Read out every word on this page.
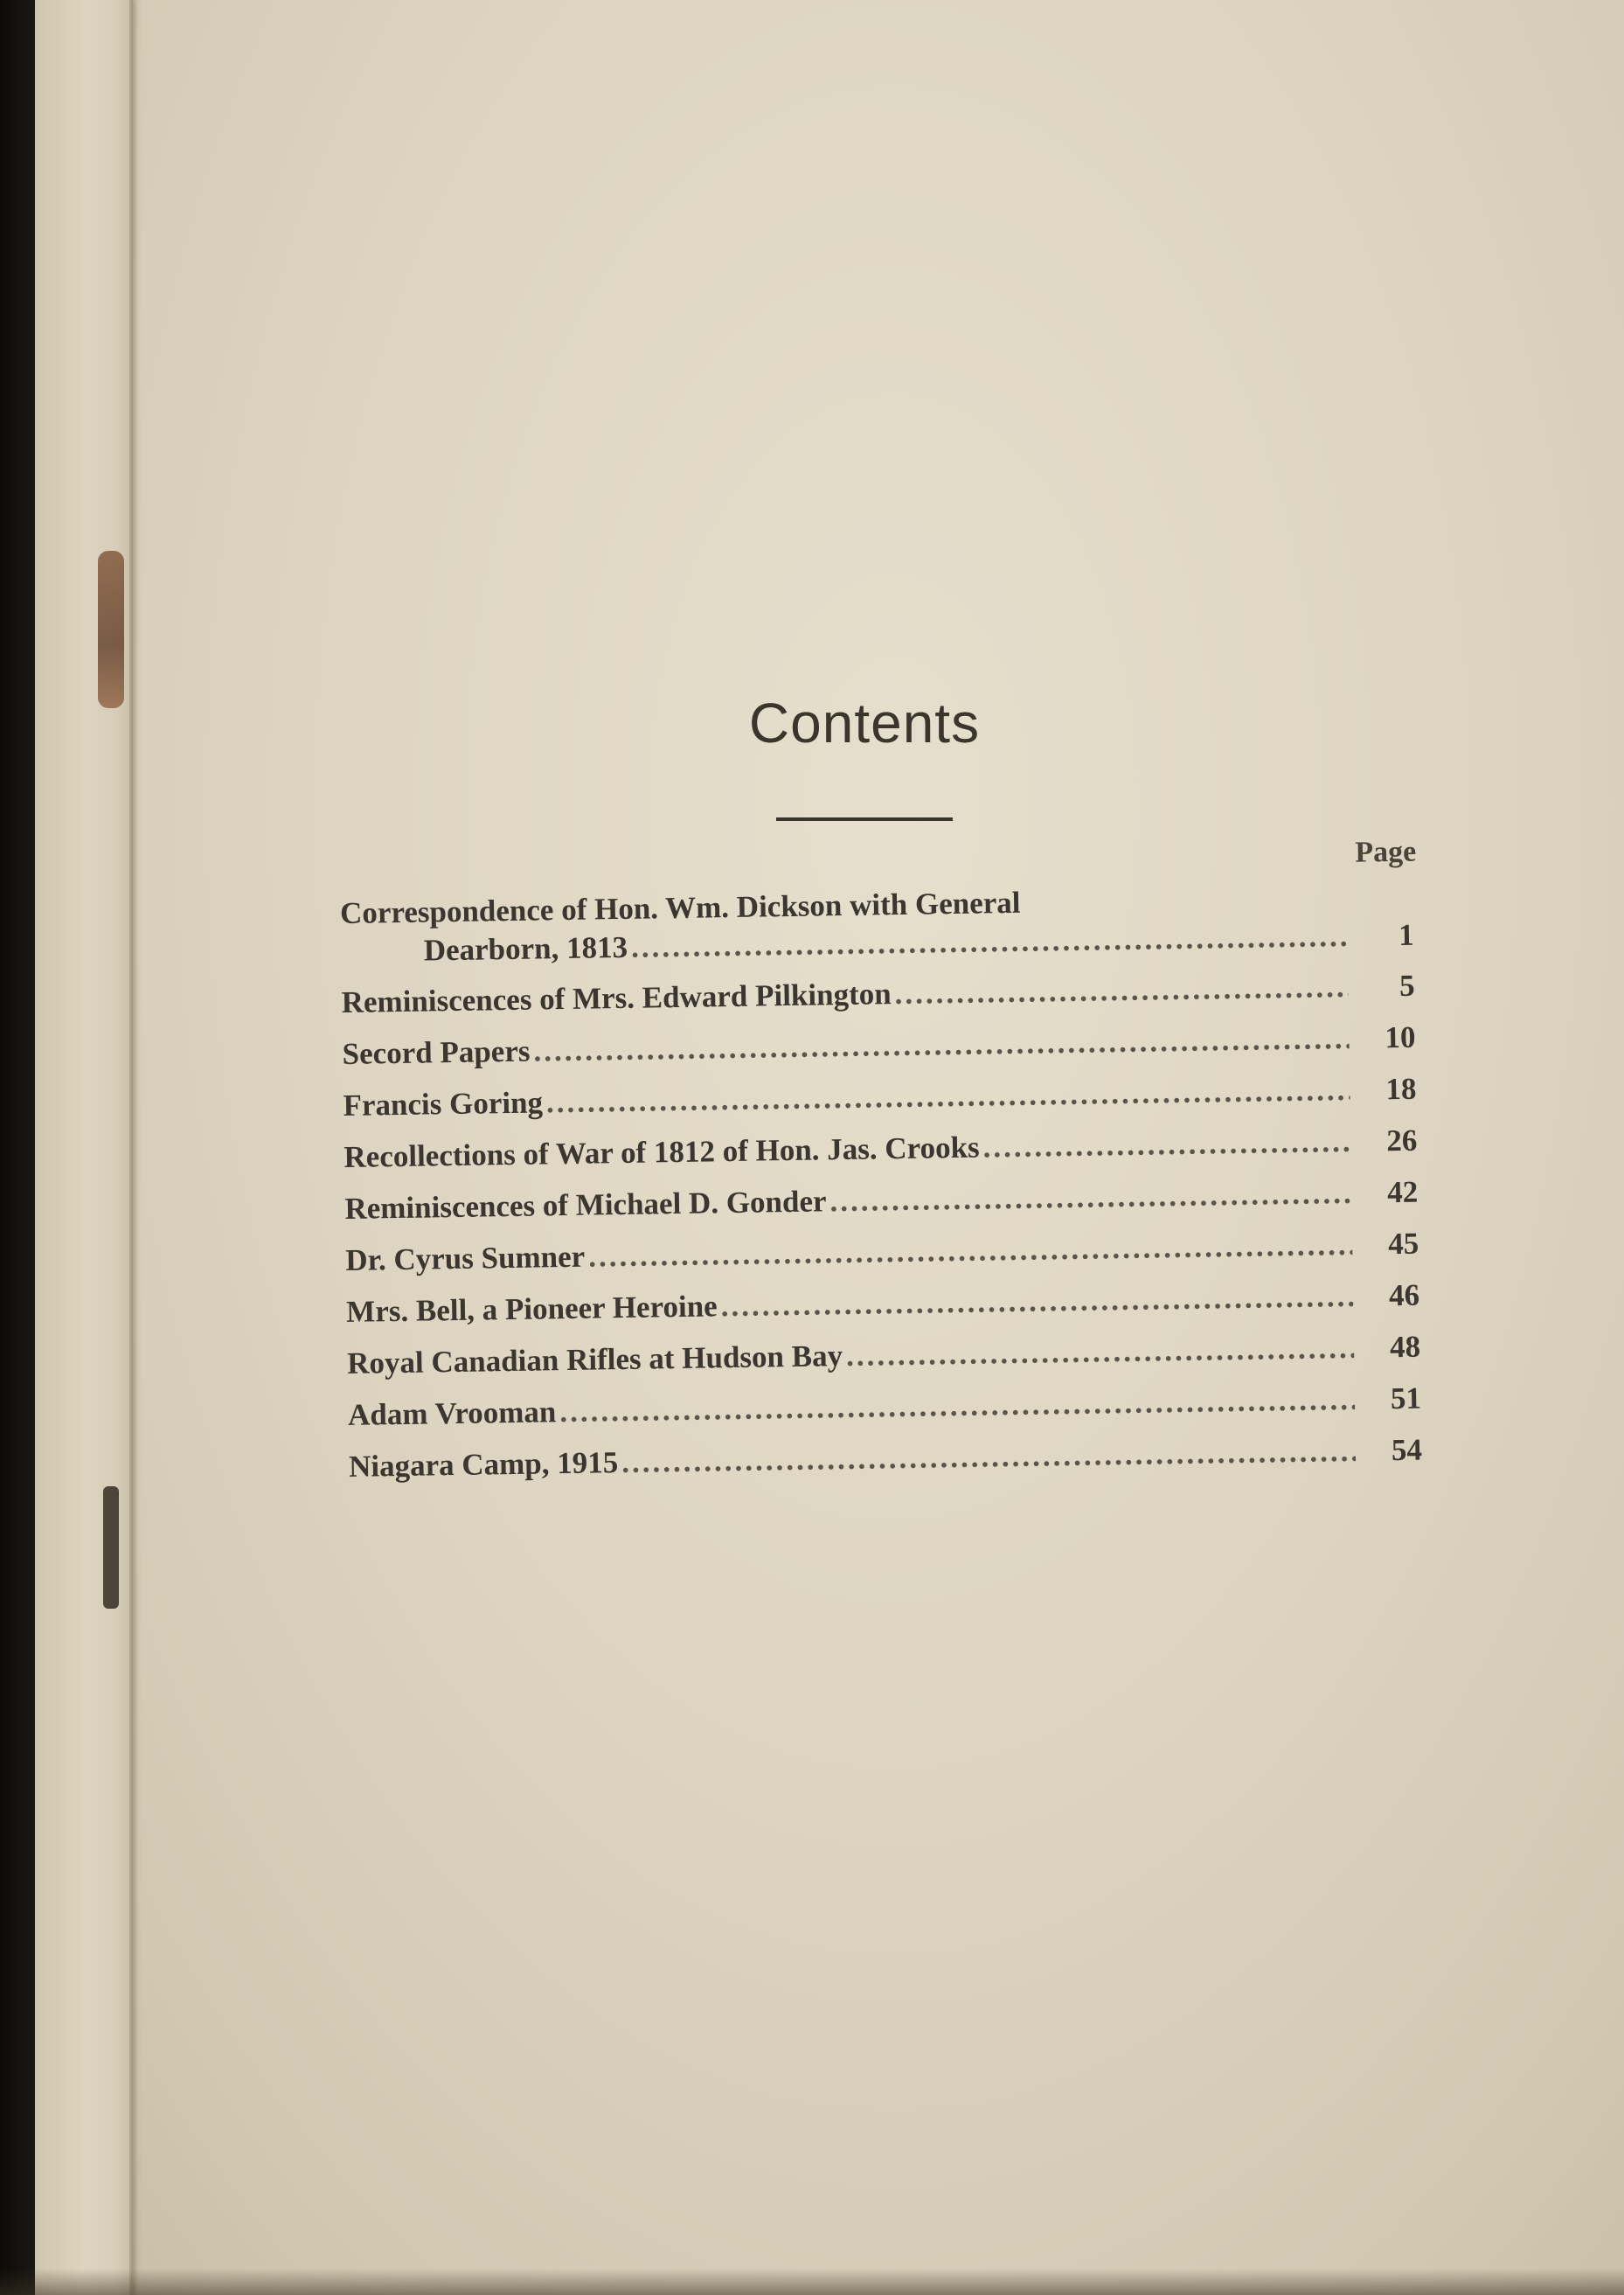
Contents
Page
Correspondence of Hon. Wm. Dickson with General
Dearborn, 1813 .....	1
Reminiscences of Mrs. Edward Pilkington .....	5
Secord Papers .....	10
Francis Goring .....	18
Recollections of War of 1812 of Hon. Jas. Crooks .....	26
Reminiscences of Michael D. Gonder .....	42
Dr. Cyrus Sumner .....	45
Mrs. Bell, a Pioneer Heroine .....	46
Royal Canadian Rifles at Hudson Bay .....	48
Adam Vrooman .....	51
Niagara Camp, 1915 .....	54
